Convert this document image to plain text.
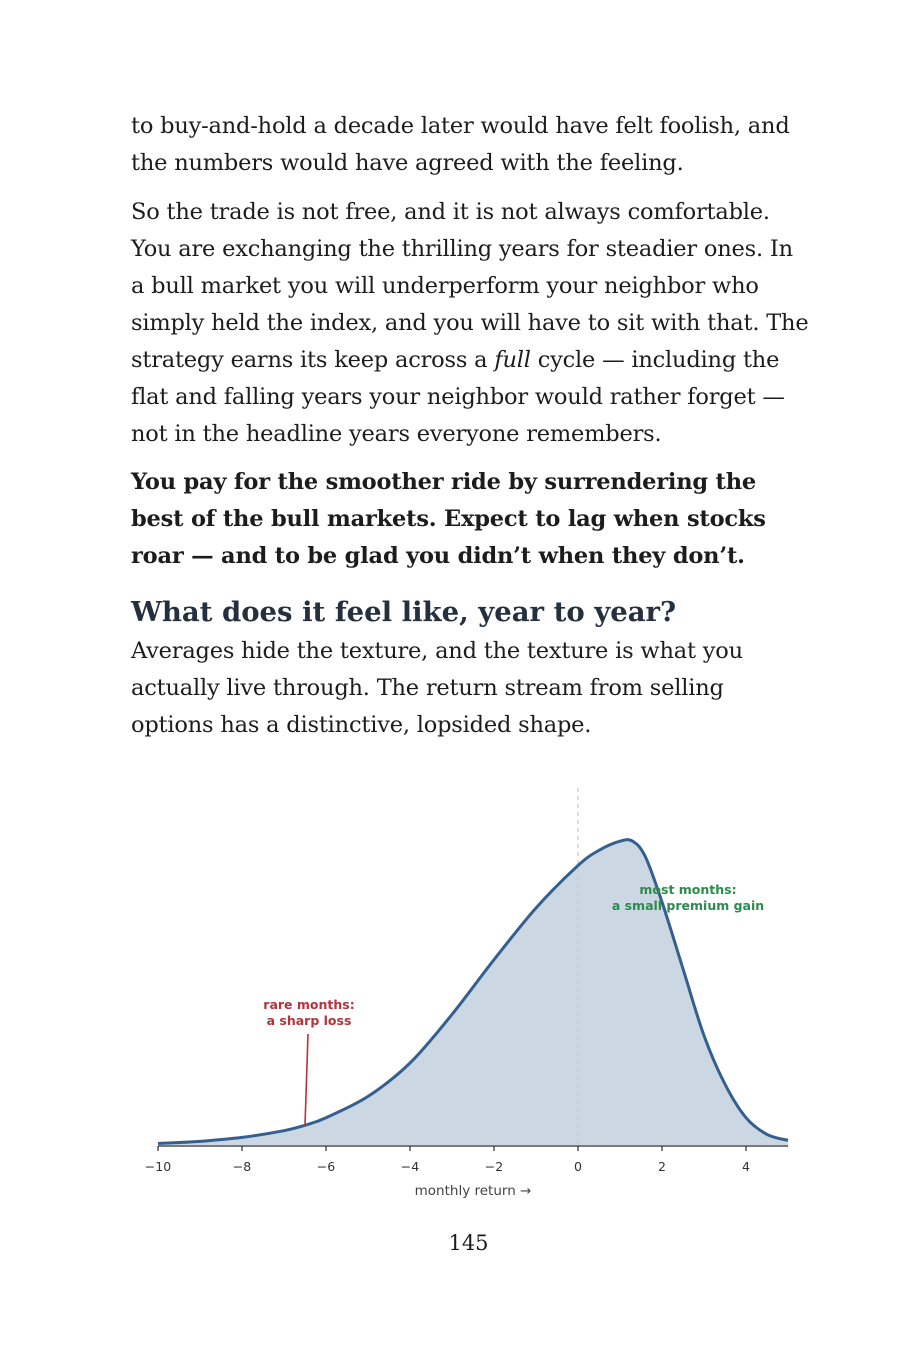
to buy-and-hold a decade later would have felt foolish, and the numbers would have agreed with the feeling.

So the trade is not free, and it is not always comfortable. You are exchanging the thrilling years for steadier ones. In a bull market you will underperform your neighbor who simply held the index, and you will have to sit with that. The strategy earns its keep across a full cycle — including the flat and falling years your neighbor would rather forget — not in the headline years everyone remembers.

You pay for the smoother ride by surrendering the best of the bull markets. Expect to lag when stocks roar — and to be glad you didn’t when they don’t.

What does it feel like, year to year?

Averages hide the texture, and the texture is what you actually live through. The return stream from selling options has a distinctive, lopsided shape.

−10	−8	−6	−4	−2	0	2	4
monthly return →
rare months:
a sharp loss
most months:
a small premium gain
145
